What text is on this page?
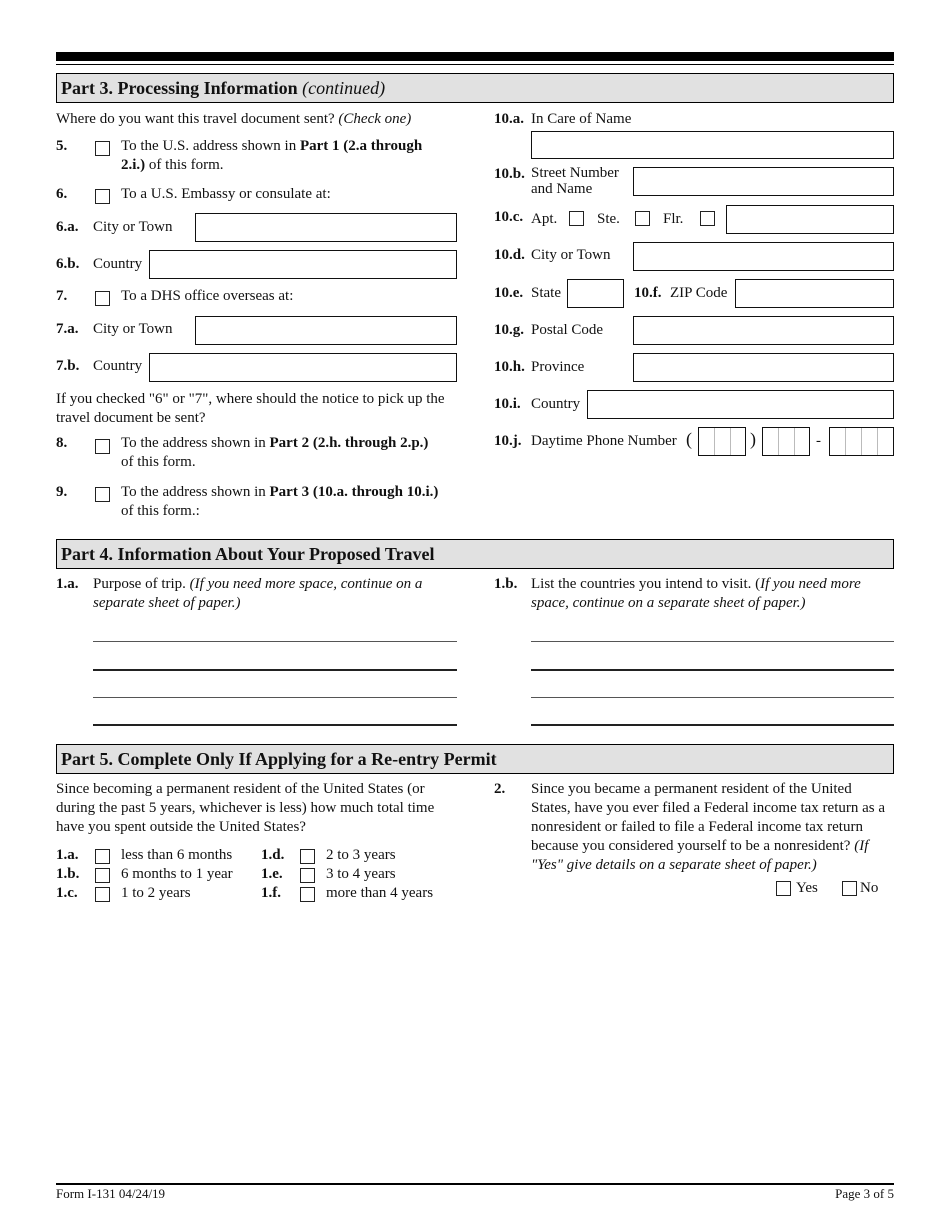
Part 3. Processing Information (continued)
Where do you want this travel document sent? (Check one)
5.	To the U.S. address shown in Part 1 (2.a through
2.i.) of this form.
6.	To a U.S. Embassy or consulate at:
6.a. City or Town
6.b. Country
7.	To a DHS office overseas at:
7.a. City or Town
7.b. Country
If you checked "6" or "7", where should the notice to pick up the travel document be sent?
8.	To the address shown in Part 2 (2.h. through 2.p.)
of this form.
9.	To the address shown in Part 3 (10.a. through 10.i.)
of this form.:
10.a. In Care of Name
10.b. Street Number
and Name
10.c. Apt.	Ste.	Flr.
10.d. City or Town
10.e. State	10.f. ZIP Code
10.g. Postal Code
10.h. Province
10.i. Country
10.j. Daytime Phone Number (	)	-
Part 4. Information About Your Proposed Travel
1.a. Purpose of trip. (If you need more space, continue on a separate sheet of paper.)
1.b. List the countries you intend to visit. (If you need more space, continue on a separate sheet of paper.)
Part 5. Complete Only If Applying for a Re-entry Permit
Since becoming a permanent resident of the United States (or during the past 5 years, whichever is less) how much total time have you spent outside the United States?
1.a.	less than 6 months
1.b.	6 months to 1 year
1.c.	1 to 2 years
1.d.	2 to 3 years
1.e.	3 to 4 years
1.f.	more than 4 years
2. Since you became a permanent resident of the United States, have you ever filed a Federal income tax return as a nonresident or failed to file a Federal income tax return because you considered yourself to be a nonresident? (If "Yes" give details on a separate sheet of paper.)
Yes	No
Form I-131 04/24/19	Page 3 of 5
